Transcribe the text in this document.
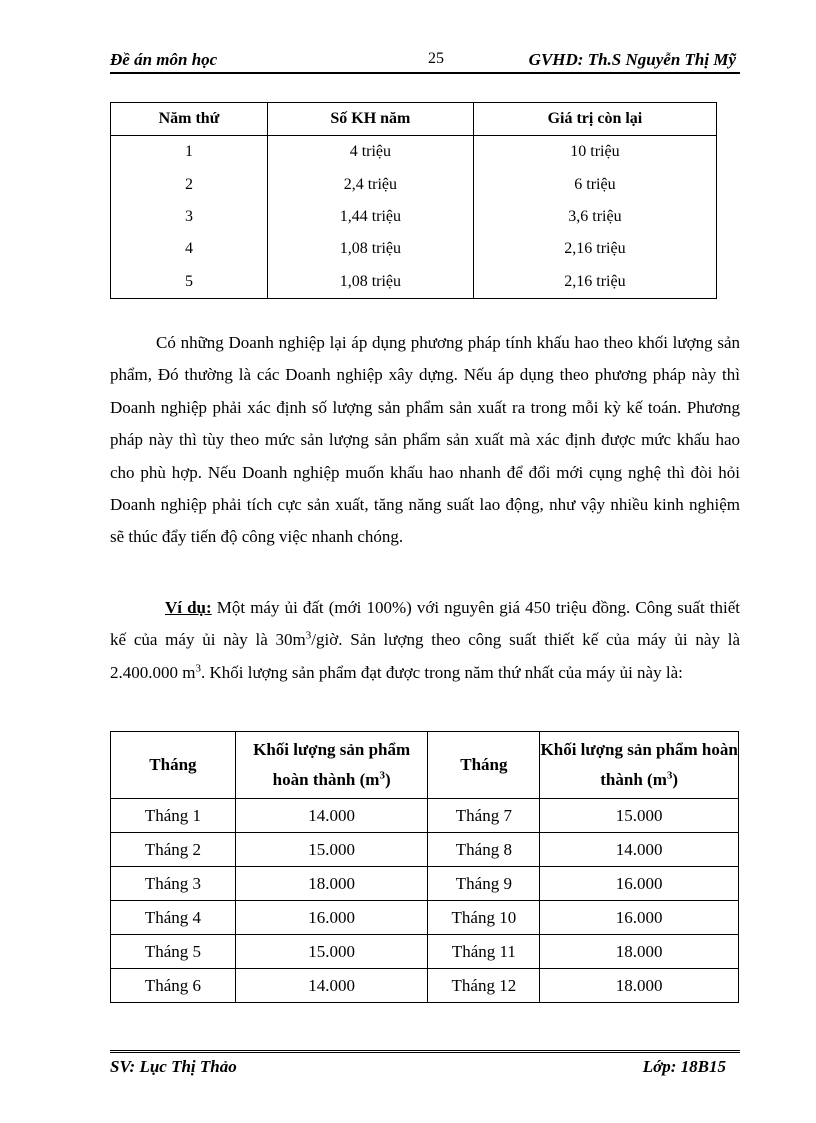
Đề án môn học	25	GVHD: Th.S Nguyễn Thị Mỹ
Năm thứ	Số KH năm	Giá trị còn lại
1	4 triệu	10 triệu
2	2,4 triệu	6 triệu
3	1,44 triệu	3,6 triệu
4	1,08 triệu	2,16 triệu
5	1,08 triệu	2,16 triệu

Có những Doanh nghiệp lại áp dụng phương pháp tính khấu hao theo khối lượng sản phẩm, Đó thường là các Doanh nghiệp xây dựng. Nếu áp dụng theo phương pháp này thì Doanh nghiệp phải xác định số lượng sản phẩm sản xuất ra trong mỗi kỳ kế toán. Phương pháp này thì tùy theo mức sản lượng sản phẩm sản xuất mà xác định được mức khấu hao cho phù hợp. Nếu Doanh nghiệp muốn khấu hao nhanh để đổi mới cụng nghệ thì đòi hỏi Doanh nghiệp phải tích cực sản xuất, tăng năng suất lao động, như vậy nhiều kinh nghiệm sẽ thúc đẩy tiến độ công việc nhanh chóng.

Ví dụ: Một máy ủi đất (mới 100%) với nguyên giá 450 triệu đồng. Công suất thiết kế của máy ủi này là $30m^3$/giờ. Sản lượng theo công suất thiết kế của máy ủi này là 2.400.000 $m^3$. Khối lượng sản phẩm đạt được trong năm thứ nhất của máy ủi này là:

Tháng	Khối lượng sản phẩm hoàn thành $(m^3)$	Tháng	Khối lượng sản phẩm hoàn thành $(m^3)$
Tháng 1	14.000	Tháng 7	15.000
Tháng 2	15.000	Tháng 8	14.000
Tháng 3	18.000	Tháng 9	16.000
Tháng 4	16.000	Tháng 10	16.000
Tháng 5	15.000	Tháng 11	18.000
Tháng 6	14.000	Tháng 12	18.000
SV: Lục Thị Thảo	Lớp: 18B15
